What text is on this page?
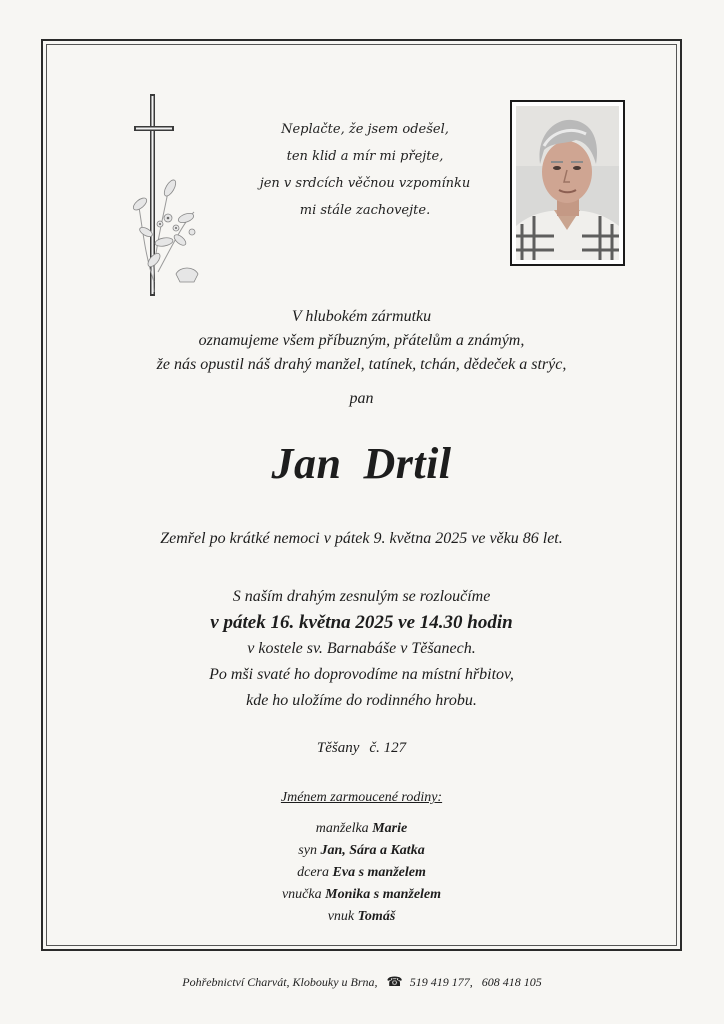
Neplačte, že jsem odešel,
ten klid a mír mi přejte,
jen v srdcích věčnou vzpomínku
mi stále zachovejte.
V hlubokém zármutku
oznamujeme všem příbuzným, přátelům a známým,
že nás opustil náš drahý manžel, tatínek, tchán, dědeček a strýc,
pan
Jan Drtil
Zemřel po krátké nemoci v pátek 9. května 2025 ve věku 86 let.
S naším drahým zesnulým se rozloučíme
v pátek 16. května 2025 ve 14.30 hodin
v kostele sv. Barnabáše v Těšanech.
Po mši svaté ho doprovodíme na místní hřbitov,
kde ho uložíme do rodinného hrobu.
Těšany č. 127
Jménem zarmoucené rodiny:
manželka Marie
syn Jan, Sára a Katka
dcera Eva s manželem
vnučka Monika s manželem
vnuk Tomáš
Pohřebnictví Charvát, Klobouky u Brna, ☎ 519 419 177, 608 418 105
